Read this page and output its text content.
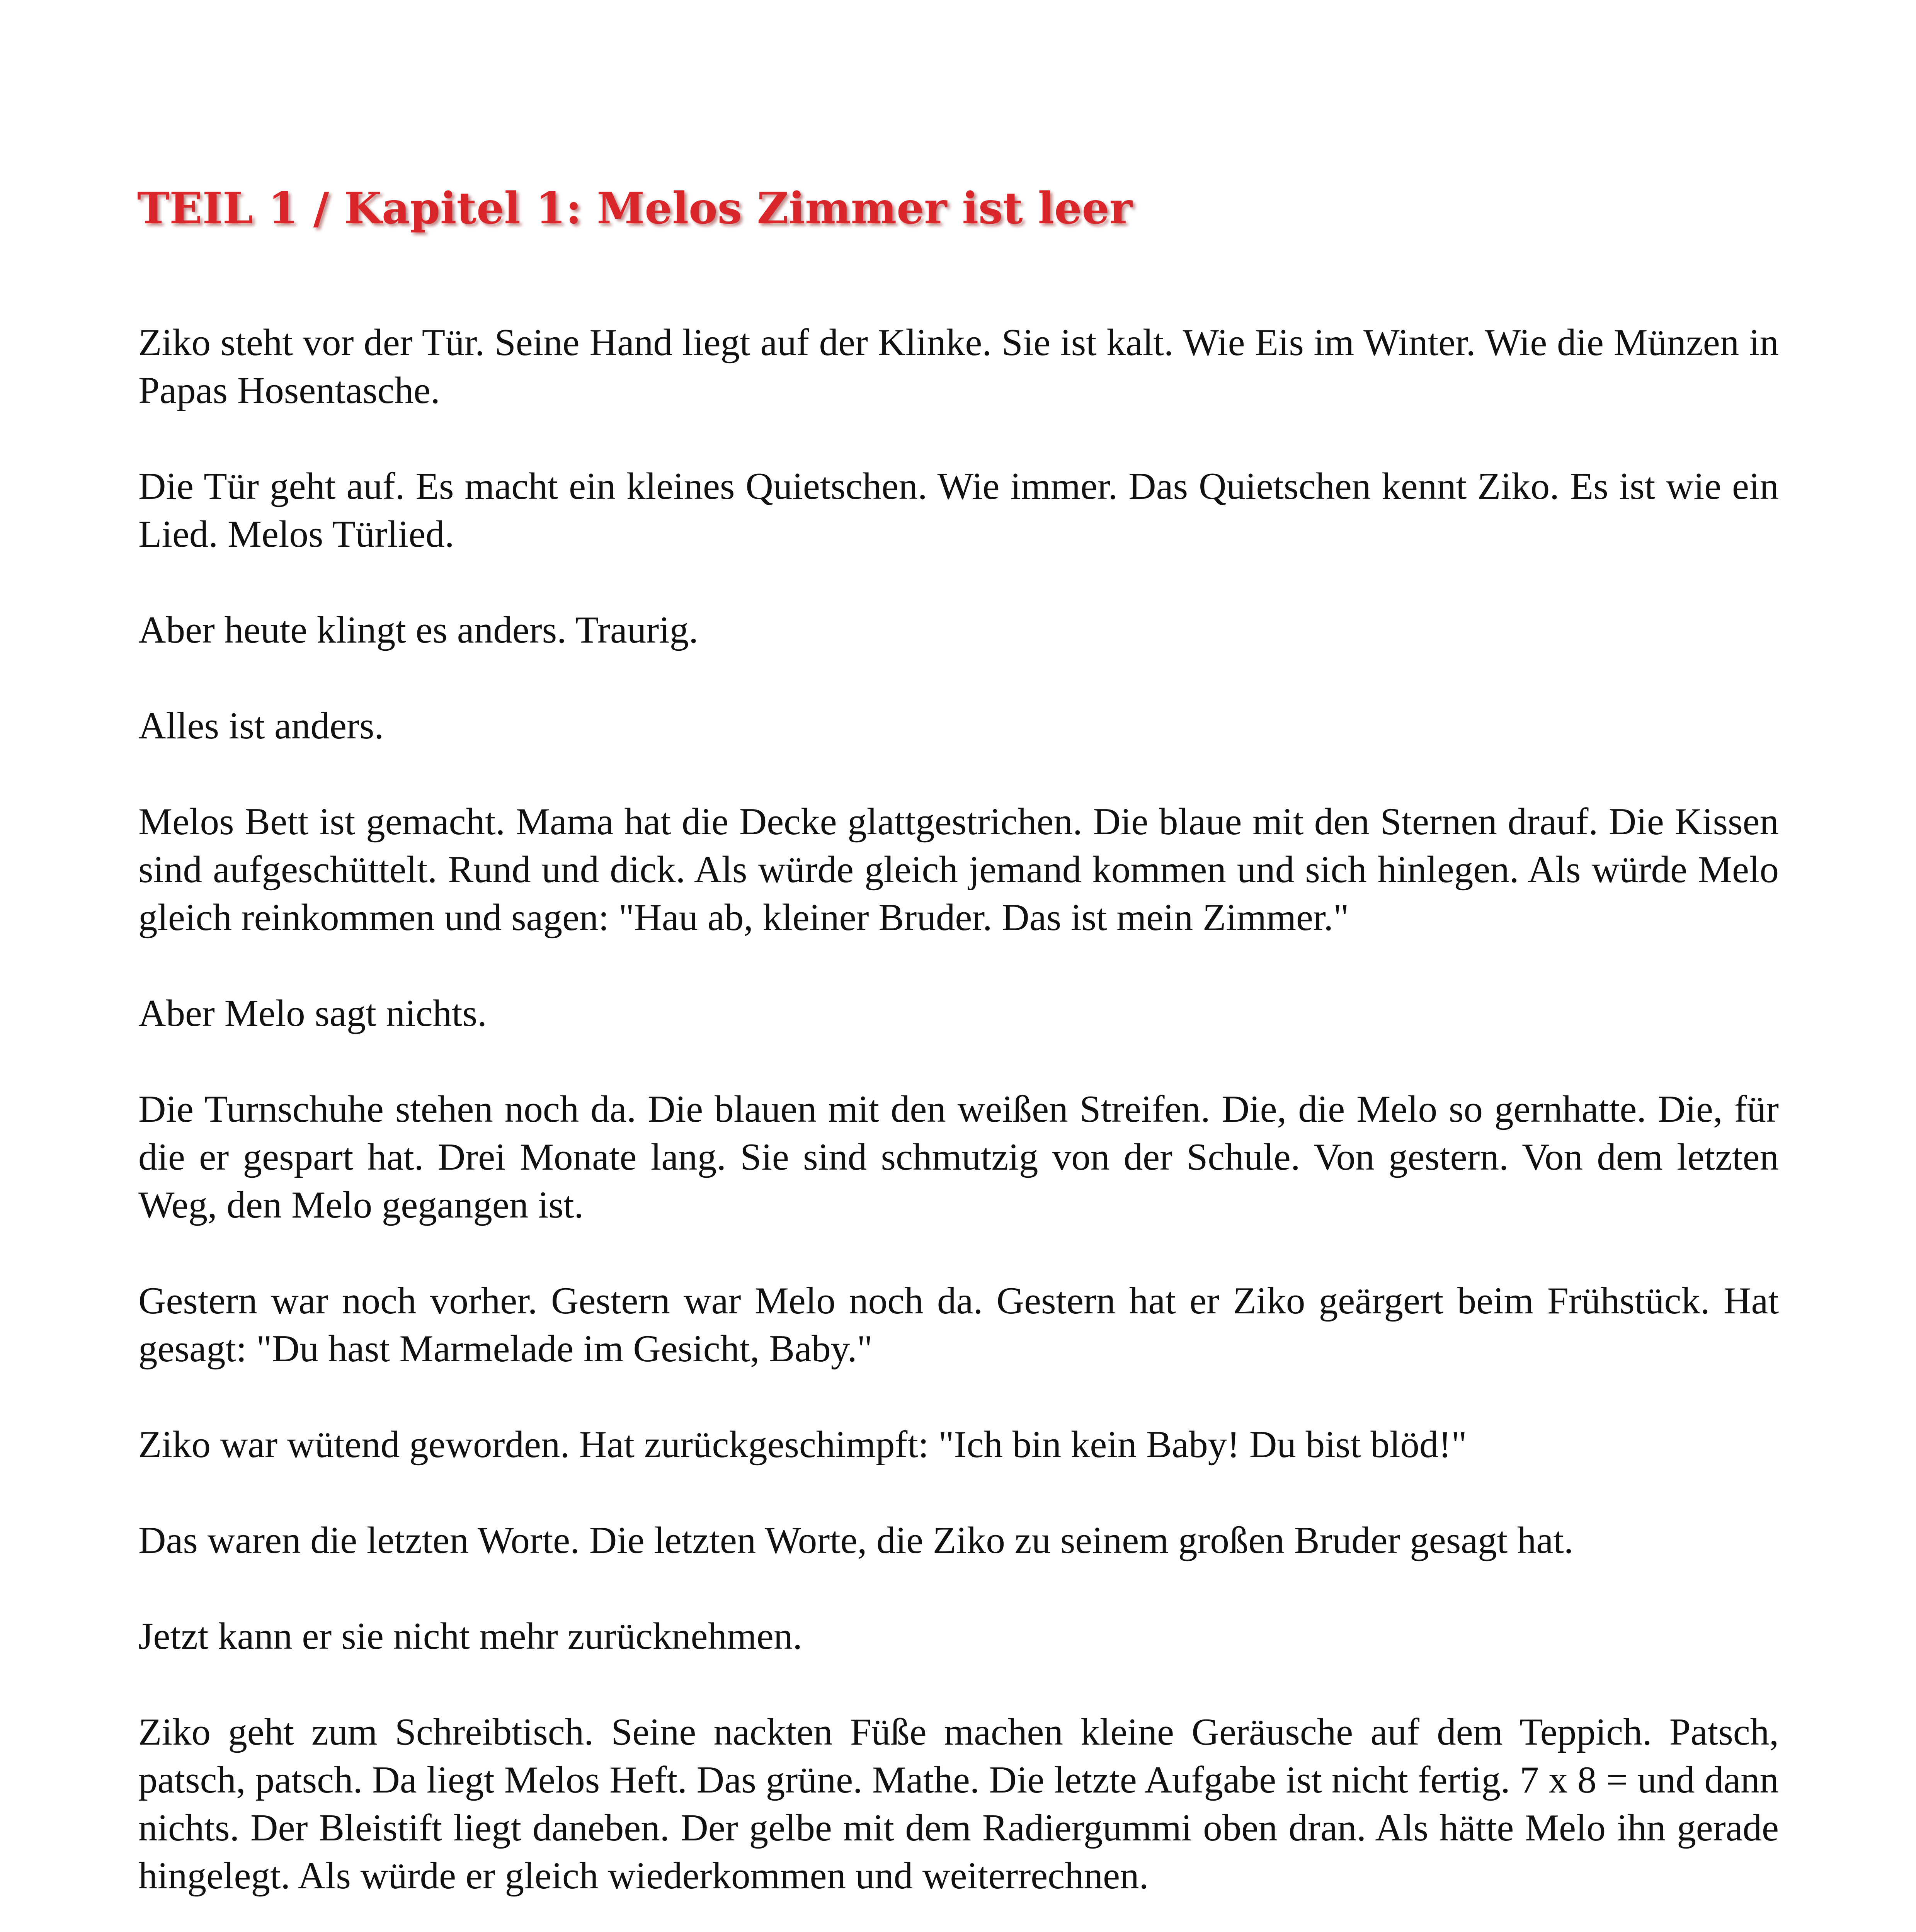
TEIL 1 / Kapitel 1: Melos Zimmer ist leer

Ziko steht vor der Tür. Seine Hand liegt auf der Klinke. Sie ist kalt. Wie Eis im Winter. Wie die Münzen in Papas Hosentasche.

Die Tür geht auf. Es macht ein kleines Quietschen. Wie immer. Das Quietschen kennt Ziko. Es ist wie ein Lied. Melos Türlied.

Aber heute klingt es anders. Traurig.

Alles ist anders.

Melos Bett ist gemacht. Mama hat die Decke glattgestrichen. Die blaue mit den Sternen drauf. Die Kissen sind aufgeschüttelt. Rund und dick. Als würde gleich jemand kommen und sich hinlegen. Als würde Melo gleich reinkommen und sagen: "Hau ab, kleiner Bruder. Das ist mein Zimmer."

Aber Melo sagt nichts.

Die Turnschuhe stehen noch da. Die blauen mit den weißen Streifen. Die, die Melo so gernhatte. Die, für die er gespart hat. Drei Monate lang. Sie sind schmutzig von der Schule. Von gestern. Von dem letzten Weg, den Melo gegangen ist.

Gestern war noch vorher. Gestern war Melo noch da. Gestern hat er Ziko geärgert beim Frühstück. Hat gesagt: "Du hast Marmelade im Gesicht, Baby."

Ziko war wütend geworden. Hat zurückgeschimpft: "Ich bin kein Baby! Du bist blöd!"

Das waren die letzten Worte. Die letzten Worte, die Ziko zu seinem großen Bruder gesagt hat.

Jetzt kann er sie nicht mehr zurücknehmen.

Ziko geht zum Schreibtisch. Seine nackten Füße machen kleine Geräusche auf dem Teppich. Patsch, patsch, patsch. Da liegt Melos Heft. Das grüne. Mathe. Die letzte Aufgabe ist nicht fertig. 7 x 8 = und dann nichts. Der Bleistift liegt daneben. Der gelbe mit dem Radiergummi oben dran. Als hätte Melo ihn gerade hingelegt. Als würde er gleich wiederkommen und weiterrechnen.
